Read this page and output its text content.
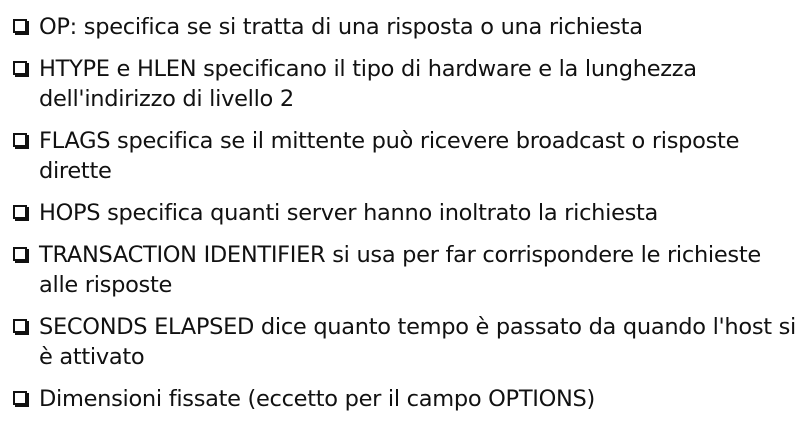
OP: specifica se si tratta di una risposta o una richiesta
HTYPE e HLEN specificano il tipo di hardware e la lunghezza dell'indirizzo di livello 2
FLAGS specifica se il mittente può ricevere broadcast o risposte dirette
HOPS specifica quanti server hanno inoltrato la richiesta
TRANSACTION IDENTIFIER si usa per far corrispondere le richieste alle risposte
SECONDS ELAPSED dice quanto tempo è passato da quando l'host si è attivato
Dimensioni fissate (eccetto per il campo OPTIONS)
